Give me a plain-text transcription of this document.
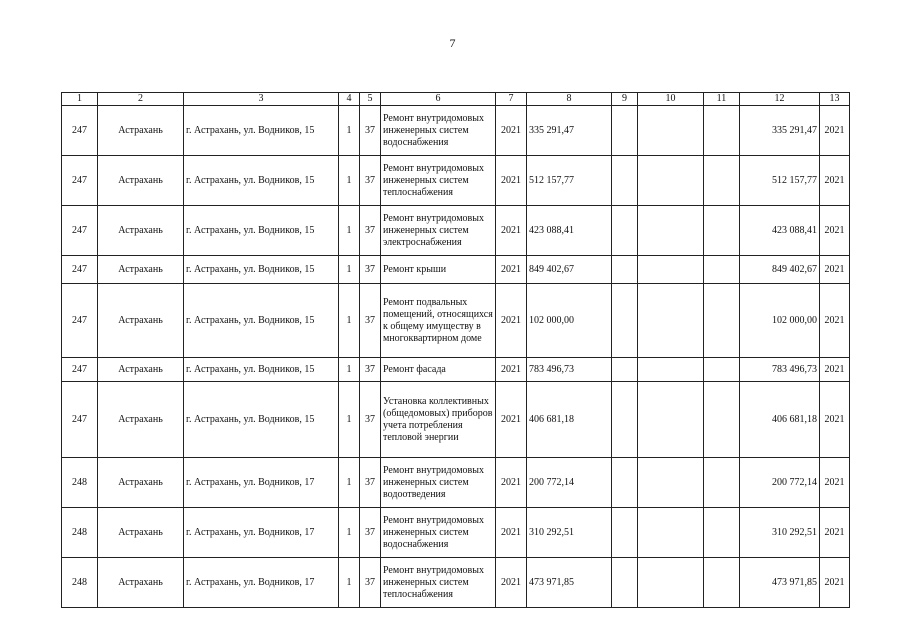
7
1	2	3	4	5	6	7	8	9	10	11	12	13
247	Астрахань	г. Астрахань, ул. Водников, 15	1	37	Ремонт внутридомовых инженерных систем водоснабжения	2021	335 291,47				335 291,47	2021
247	Астрахань	г. Астрахань, ул. Водников, 15	1	37	Ремонт внутридомовых инженерных систем теплоснабжения	2021	512 157,77				512 157,77	2021
247	Астрахань	г. Астрахань, ул. Водников, 15	1	37	Ремонт внутридомовых инженерных систем электроснабжения	2021	423 088,41				423 088,41	2021
247	Астрахань	г. Астрахань, ул. Водников, 15	1	37	Ремонт крыши	2021	849 402,67				849 402,67	2021
247	Астрахань	г. Астрахань, ул. Водников, 15	1	37	Ремонт подвальных помещений, относящихся к общему имуществу в многоквартирном доме	2021	102 000,00				102 000,00	2021
247	Астрахань	г. Астрахань, ул. Водников, 15	1	37	Ремонт фасада	2021	783 496,73				783 496,73	2021
247	Астрахань	г. Астрахань, ул. Водников, 15	1	37	Установка коллективных (общедомовых) приборов учета потребления тепловой энергии	2021	406 681,18				406 681,18	2021
248	Астрахань	г. Астрахань, ул. Водников, 17	1	37	Ремонт внутридомовых инженерных систем водоотведения	2021	200 772,14				200 772,14	2021
248	Астрахань	г. Астрахань, ул. Водников, 17	1	37	Ремонт внутридомовых инженерных систем водоснабжения	2021	310 292,51				310 292,51	2021
248	Астрахань	г. Астрахань, ул. Водников, 17	1	37	Ремонт внутридомовых инженерных систем теплоснабжения	2021	473 971,85				473 971,85	2021
